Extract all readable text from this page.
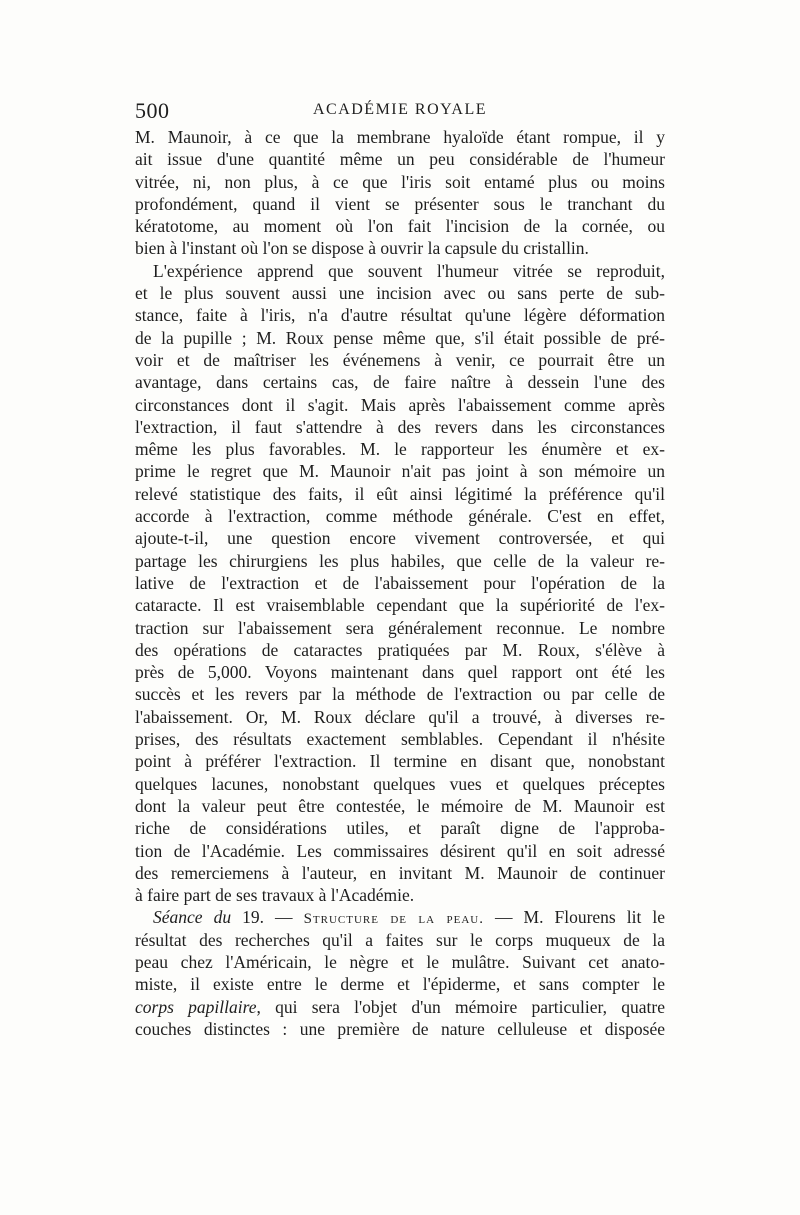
500	ACADÉMIE ROYALE
M. Maunoir, à ce que la membrane hyaloïde étant rompue, il y
ait issue d'une quantité même un peu considérable de l'humeur
vitrée, ni, non plus, à ce que l'iris soit entamé plus ou moins
profondément, quand il vient se présenter sous le tranchant du
kératotome, au moment où l'on fait l'incision de la cornée, ou
bien à l'instant où l'on se dispose à ouvrir la capsule du cristallin.
L'expérience apprend que souvent l'humeur vitrée se reproduit,
et le plus souvent aussi une incision avec ou sans perte de sub-
stance, faite à l'iris, n'a d'autre résultat qu'une légère déformation
de la pupille ; M. Roux pense même que, s'il était possible de pré-
voir et de maîtriser les événemens à venir, ce pourrait être un
avantage, dans certains cas, de faire naître à dessein l'une des
circonstances dont il s'agit. Mais après l'abaissement comme après
l'extraction, il faut s'attendre à des revers dans les circonstances
même les plus favorables. M. le rapporteur les énumère et ex-
prime le regret que M. Maunoir n'ait pas joint à son mémoire un
relevé statistique des faits, il eût ainsi légitimé la préférence qu'il
accorde à l'extraction, comme méthode générale. C'est en effet,
ajoute-t-il, une question encore vivement controversée, et qui
partage les chirurgiens les plus habiles, que celle de la valeur re-
lative de l'extraction et de l'abaissement pour l'opération de la
cataracte. Il est vraisemblable cependant que la supériorité de l'ex-
traction sur l'abaissement sera généralement reconnue. Le nombre
des opérations de cataractes pratiquées par M. Roux, s'élève à
près de 5,000. Voyons maintenant dans quel rapport ont été les
succès et les revers par la méthode de l'extraction ou par celle de
l'abaissement. Or, M. Roux déclare qu'il a trouvé, à diverses re-
prises, des résultats exactement semblables. Cependant il n'hésite
point à préférer l'extraction. Il termine en disant que, nonobstant
quelques lacunes, nonobstant quelques vues et quelques préceptes
dont la valeur peut être contestée, le mémoire de M. Maunoir est
riche de considérations utiles, et paraît digne de l'approba-
tion de l'Académie. Les commissaires désirent qu'il en soit adressé
des remerciemens à l'auteur, en invitant M. Maunoir de continuer
à faire part de ses travaux à l'Académie.
Séance du 19. — Structure de la peau. — M. Flourens lit le
résultat des recherches qu'il a faites sur le corps muqueux de la
peau chez l'Américain, le nègre et le mulâtre. Suivant cet anato-
miste, il existe entre le derme et l'épiderme, et sans compter le
corps papillaire, qui sera l'objet d'un mémoire particulier, quatre
couches distinctes : une première de nature celluleuse et disposée
